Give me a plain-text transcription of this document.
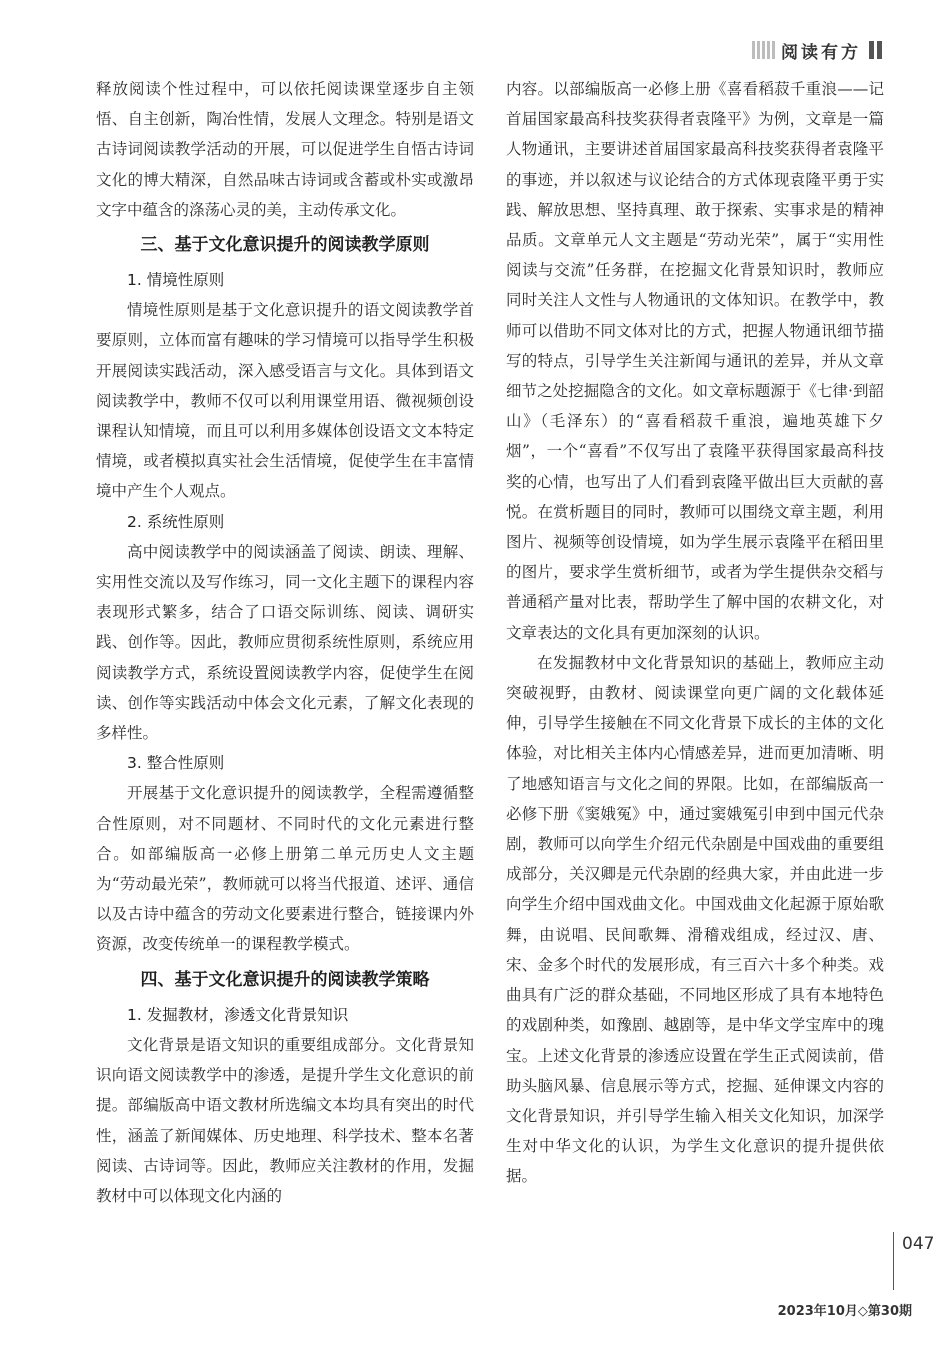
阅读有方

释放阅读个性过程中，可以依托阅读课堂逐步自主领悟、自主创新，陶冶性情，发展人文理念。特别是语文古诗词阅读教学活动的开展，可以促进学生自悟古诗词文化的博大精深，自然品味古诗词或含蓄或朴实或激昂文字中蕴含的涤荡心灵的美，主动传承文化。

三、基于文化意识提升的阅读教学原则
1. 情境性原则

情境性原则是基于文化意识提升的语文阅读教学首要原则，立体而富有趣味的学习情境可以指导学生积极开展阅读实践活动，深入感受语言与文化。具体到语文阅读教学中，教师不仅可以利用课堂用语、微视频创设课程认知情境，而且可以利用多媒体创设语文文本特定情境，或者模拟真实社会生活情境，促使学生在丰富情境中产生个人观点。

2. 系统性原则

高中阅读教学中的阅读涵盖了阅读、朗读、理解、实用性交流以及写作练习，同一文化主题下的课程内容表现形式繁多，结合了口语交际训练、阅读、调研实践、创作等。因此，教师应贯彻系统性原则，系统应用阅读教学方式，系统设置阅读教学内容，促使学生在阅读、创作等实践活动中体会文化元素，了解文化表现的多样性。

3. 整合性原则

开展基于文化意识提升的阅读教学，全程需遵循整合性原则，对不同题材、不同时代的文化元素进行整合。如部编版高一必修上册第二单元历史人文主题为“劳动最光荣”，教师就可以将当代报道、述评、通信以及古诗中蕴含的劳动文化要素进行整合，链接课内外资源，改变传统单一的课程教学模式。

四、基于文化意识提升的阅读教学策略
1. 发掘教材，渗透文化背景知识

文化背景是语文知识的重要组成部分。文化背景知识向语文阅读教学中的渗透，是提升学生文化意识的前提。部编版高中语文教材所选编文本均具有突出的时代性，涵盖了新闻媒体、历史地理、科学技术、整本名著阅读、古诗词等。因此，教师应关注教材的作用，发掘教材中可以体现文化内涵的

内容。以部编版高一必修上册《喜看稻菽千重浪——记首届国家最高科技奖获得者袁隆平》为例，文章是一篇人物通讯，主要讲述首届国家最高科技奖获得者袁隆平的事迹，并以叙述与议论结合的方式体现袁隆平勇于实践、解放思想、坚持真理、敢于探索、实事求是的精神品质。文章单元人文主题是“劳动光荣”，属于“实用性阅读与交流”任务群，在挖掘文化背景知识时，教师应同时关注人文性与人物通讯的文体知识。在教学中，教师可以借助不同文体对比的方式，把握人物通讯细节描写的特点，引导学生关注新闻与通讯的差异，并从文章细节之处挖掘隐含的文化。如文章标题源于《七律·到韶山》（毛泽东）的“喜看稻菽千重浪，遍地英雄下夕烟”，一个“喜看”不仅写出了袁隆平获得国家最高科技奖的心情，也写出了人们看到袁隆平做出巨大贡献的喜悦。在赏析题目的同时，教师可以围绕文章主题，利用图片、视频等创设情境，如为学生展示袁隆平在稻田里的图片，要求学生赏析细节，或者为学生提供杂交稻与普通稻产量对比表，帮助学生了解中国的农耕文化，对文章表达的文化具有更加深刻的认识。

在发掘教材中文化背景知识的基础上，教师应主动突破视野，由教材、阅读课堂向更广阔的文化载体延伸，引导学生接触在不同文化背景下成长的主体的文化体验，对比相关主体内心情感差异，进而更加清晰、明了地感知语言与文化之间的界限。比如，在部编版高一必修下册《窦娥冤》中，通过窦娥冤引申到中国元代杂剧，教师可以向学生介绍元代杂剧是中国戏曲的重要组成部分，关汉卿是元代杂剧的经典大家，并由此进一步向学生介绍中国戏曲文化。中国戏曲文化起源于原始歌舞，由说唱、民间歌舞、滑稽戏组成，经过汉、唐、宋、金多个时代的发展形成，有三百六十多个种类。戏曲具有广泛的群众基础，不同地区形成了具有本地特色的戏剧种类，如豫剧、越剧等，是中华文学宝库中的瑰宝。上述文化背景的渗透应设置在学生正式阅读前，借助头脑风暴、信息展示等方式，挖掘、延伸课文内容的文化背景知识，并引导学生输入相关文化知识，加深学生对中华文化的认识，为学生文化意识的提升提供依据。

047
2023年10月◇第30期
